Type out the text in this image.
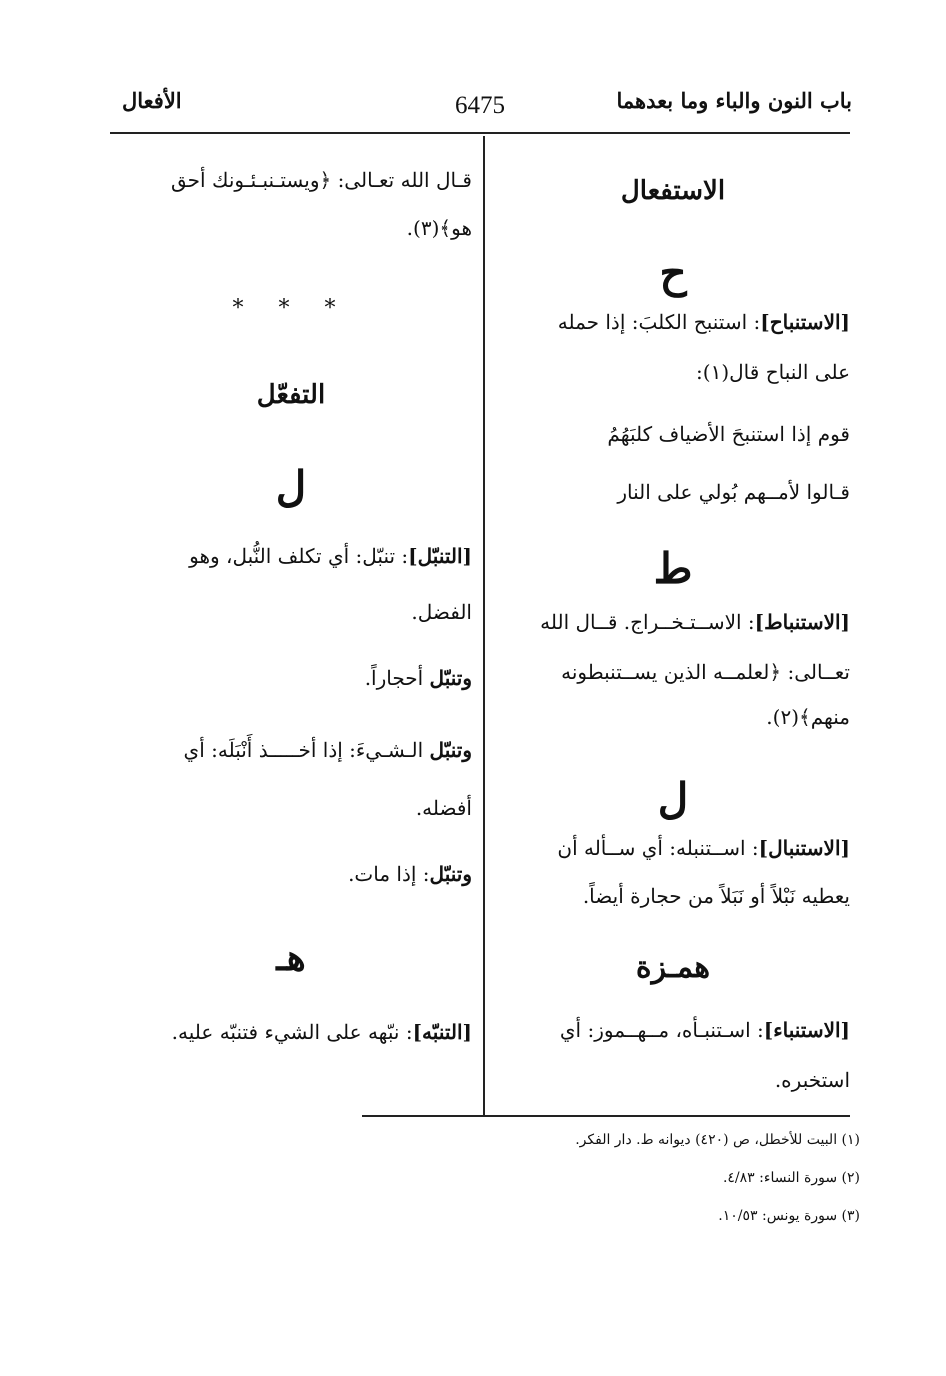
باب النون والباء وما بعدهما
6475
الأفعال
الاستفعال
ح

[الاستنباح]: استنبح الكلبَ: إذا حمله

على النباح قال(١):

قوم إذا استنبحَ الأضياف كلبَهُمُ

قـالوا لأمــهم بُولي على النار

ط

[الاستنباط]: الاســتـخــراج. قــال الله

تعــالى: ﴿لعلمــه الذين يســتنبطونه

منهم﴾(٢).

ل

[الاستنبال]: اســتنبله: أي ســأله أن

يعطيه نَبْلاً أو نَبَلاً من حجارة أيضاً.

همـزة

[الاستنباء]: اسـتنبـأه، مــهــموز: أي

استخبره.

قـال الله تعـالى: ﴿ويستـنبـئـونك أحق

هو﴾(٣).

* * *
التفعّل
ل

[التنبّل]: تنبّل: أي تكلف النُّبل، وهو

الفضل.

وتنبّل أحجاراً.

وتنبّل الـشـيءَ: إذا أخـــــذ أَنْبَلَه: أي

أفضله.

وتنبّل: إذا مات.

هـ

[التنبّه]: نبّهه على الشيء فتنبّه عليه.

(١) البيت للأخطل، ص (٤٢٠) ديوانه ط. دار الفكر.
(٢) سورة النساء: ٤/٨٣.
(٣) سورة يونس: ١٠/٥٣.
